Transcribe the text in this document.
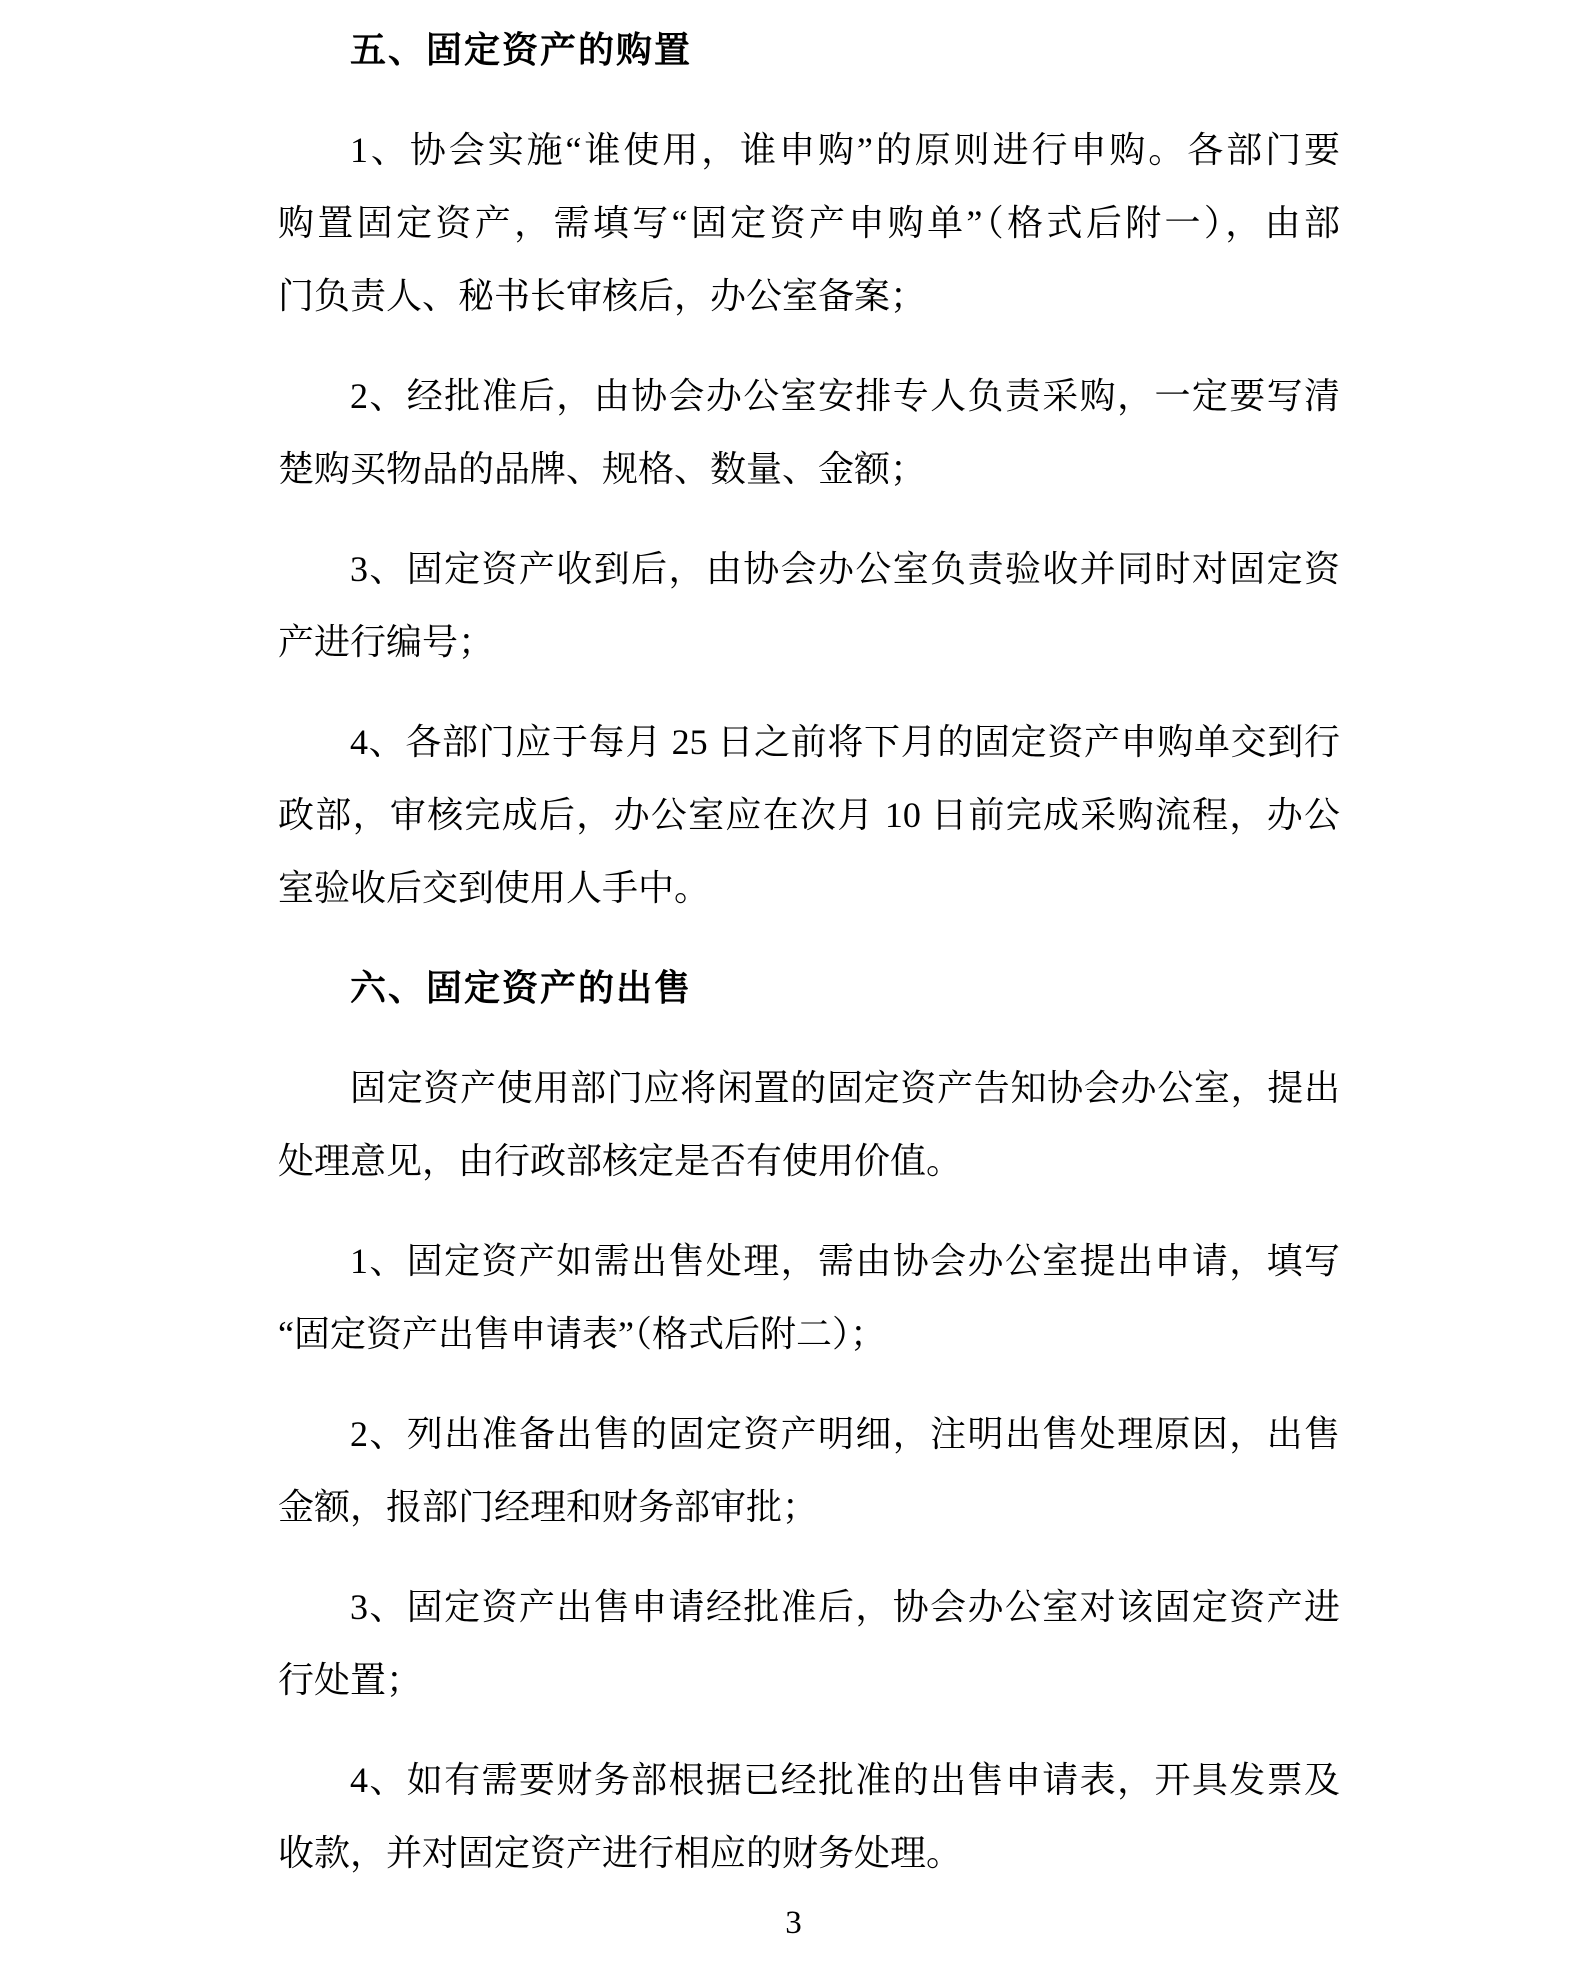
五、固定资产的购置
1、协会实施“谁使用，谁申购”的原则进行申购。各部门要
购置固定资产，需填写“固定资产申购单”（格式后附一），由部
门负责人、秘书长审核后，办公室备案；
2、经批准后，由协会办公室安排专人负责采购，一定要写清
楚购买物品的品牌、规格、数量、金额；
3、固定资产收到后，由协会办公室负责验收并同时对固定资
产进行编号；
4、各部门应于每月 25 日之前将下月的固定资产申购单交到行
政部，审核完成后，办公室应在次月 10 日前完成采购流程，办公
室验收后交到使用人手中。
六、固定资产的出售
固定资产使用部门应将闲置的固定资产告知协会办公室，提出
处理意见，由行政部核定是否有使用价值。
1、固定资产如需出售处理，需由协会办公室提出申请，填写
“固定资产出售申请表”（格式后附二）；
2、列出准备出售的固定资产明细，注明出售处理原因，出售
金额，报部门经理和财务部审批；
3、固定资产出售申请经批准后，协会办公室对该固定资产进
行处置；
4、如有需要财务部根据已经批准的出售申请表，开具发票及
收款，并对固定资产进行相应的财务处理。
3
